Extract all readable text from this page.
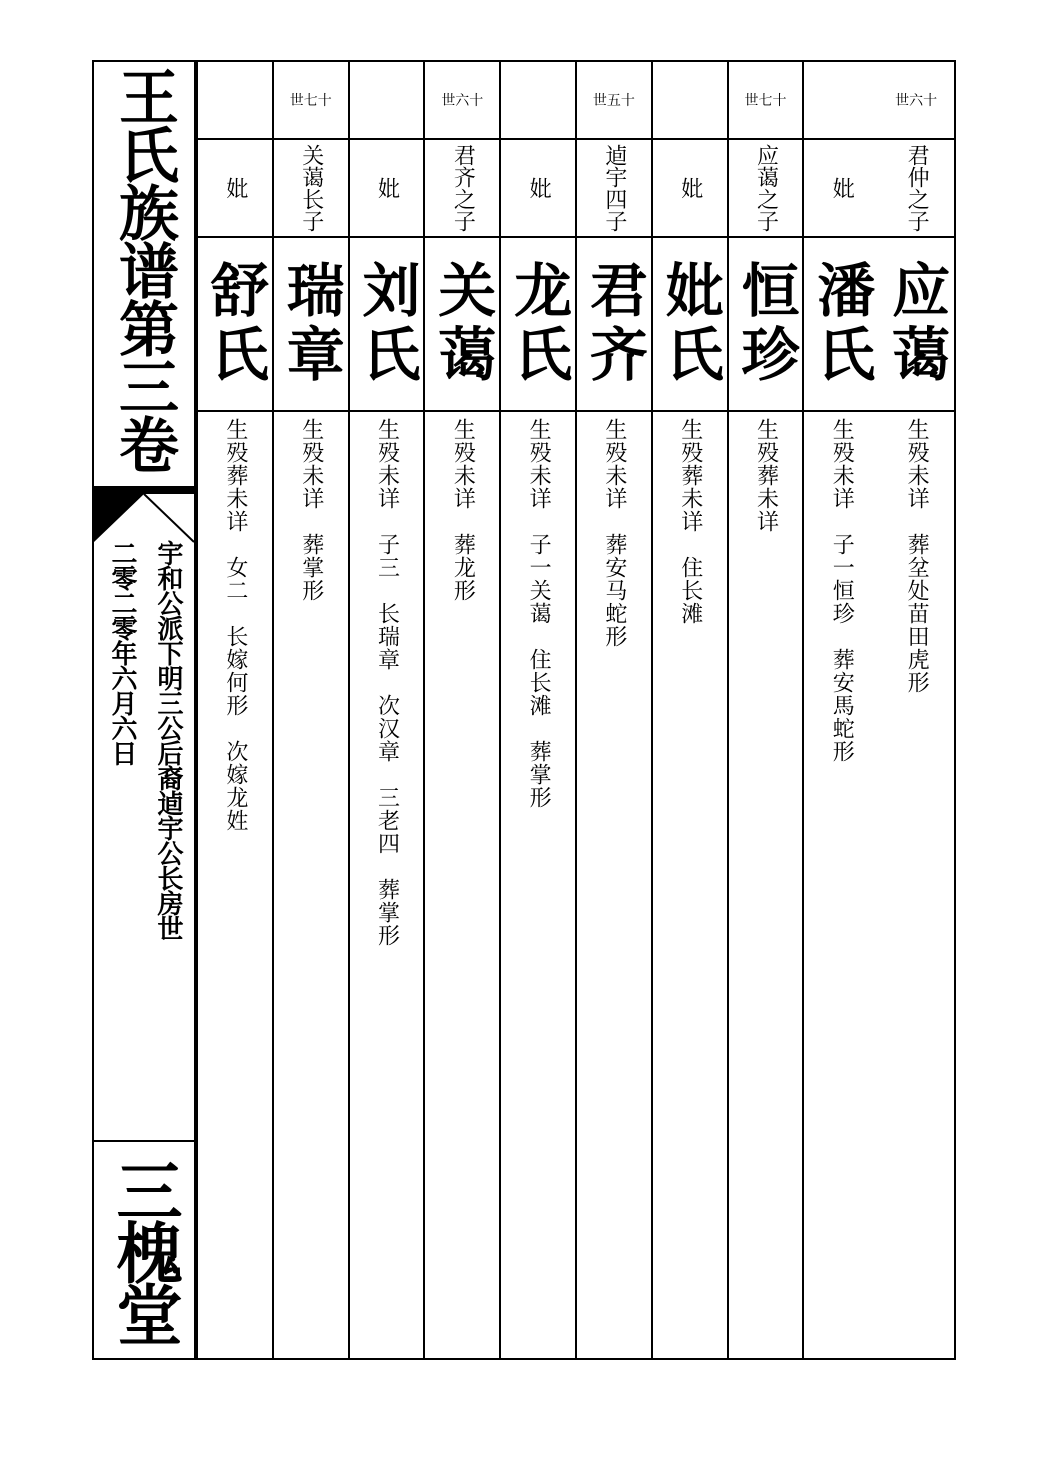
王氏族谱第三卷
宇和公派下明三公后裔逌宇公长房世
二零二零年六月六日
三槐堂
世六十
君仲之子
应蔼
生殁未详　葬坌处苗田虎形
妣
潘氏
生殁未详　子一恒珍　葬安馬蛇形
世七十
应蔼之子
恒珍
生殁葬未详
妣
妣氏
生殁葬未详　住长滩
世五十
逌宇四子
君齐
生殁未详　葬安马蛇形
妣
龙氏
生殁未详　子一关蔼　住长滩　葬掌形
世六十
君齐之子
关蔼
生殁未详　葬龙形
妣
刘氏
生殁未详　子三　长瑞章　次汉章　三老四　葬掌形
世七十
关蔼长子
瑞章
生殁未详　葬掌形
妣
舒氏
生殁葬未详　女二　长嫁何形　次嫁龙姓
